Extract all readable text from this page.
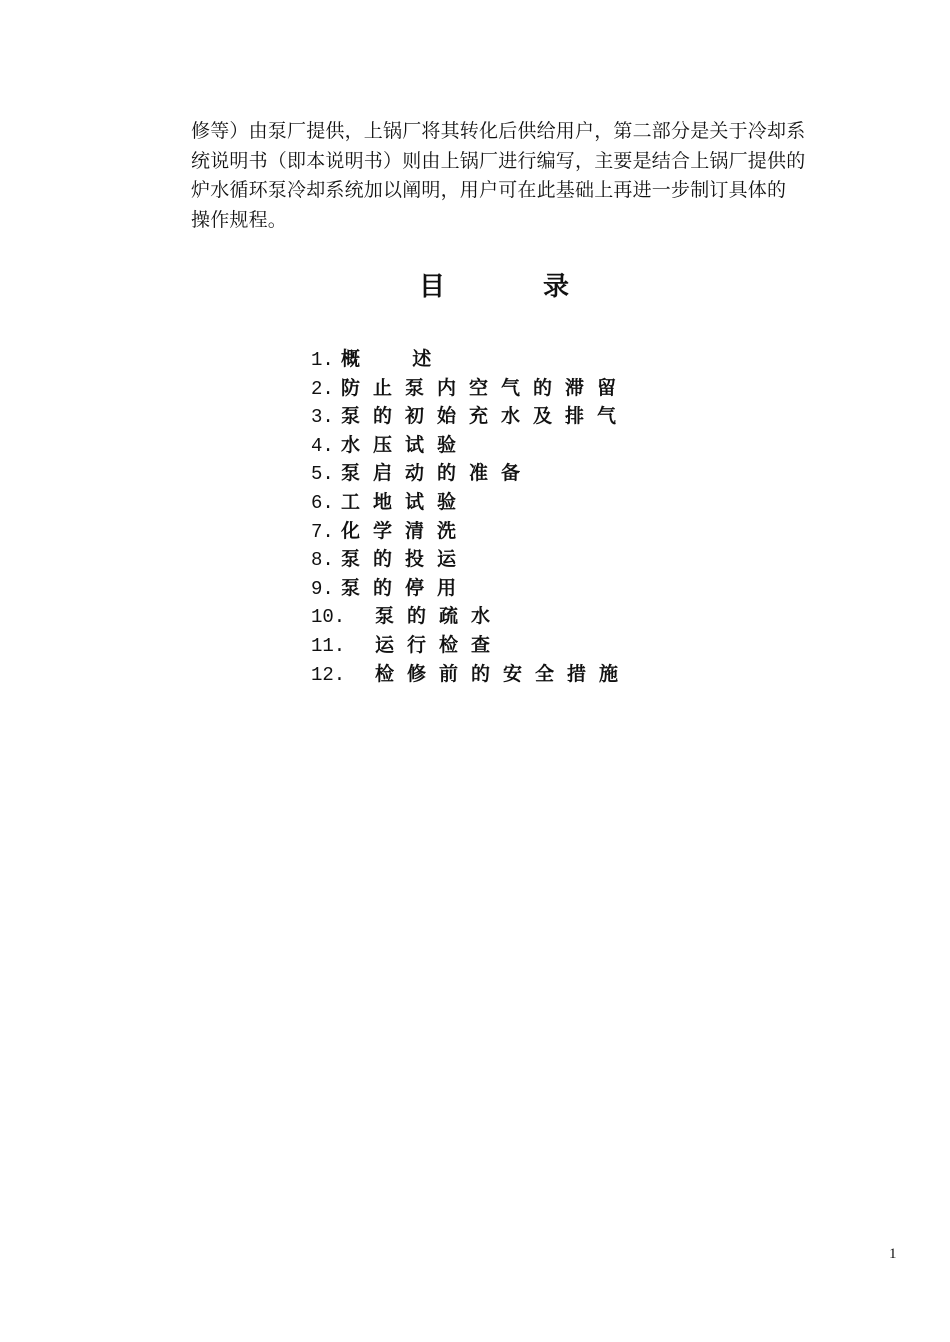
修等）由泵厂提供，上锅厂将其转化后供给用户，第二部分是关于冷却系
统说明书（即本说明书）则由上锅厂进行编写，主要是结合上锅厂提供的
炉水循环泵冷却系统加以阐明，用户可在此基础上再进一步制订具体的
操作规程。
目	录
1. 概  述
2. 防止泵内空气的滞留
3. 泵的初始充水及排气
4. 水压试验
5. 泵启动的准备
6. 工地试验
7. 化学清洗
8. 泵的投运
9. 泵的停用
10.	泵的疏水
11.	运行检查
12.	检修前的安全措施
1
